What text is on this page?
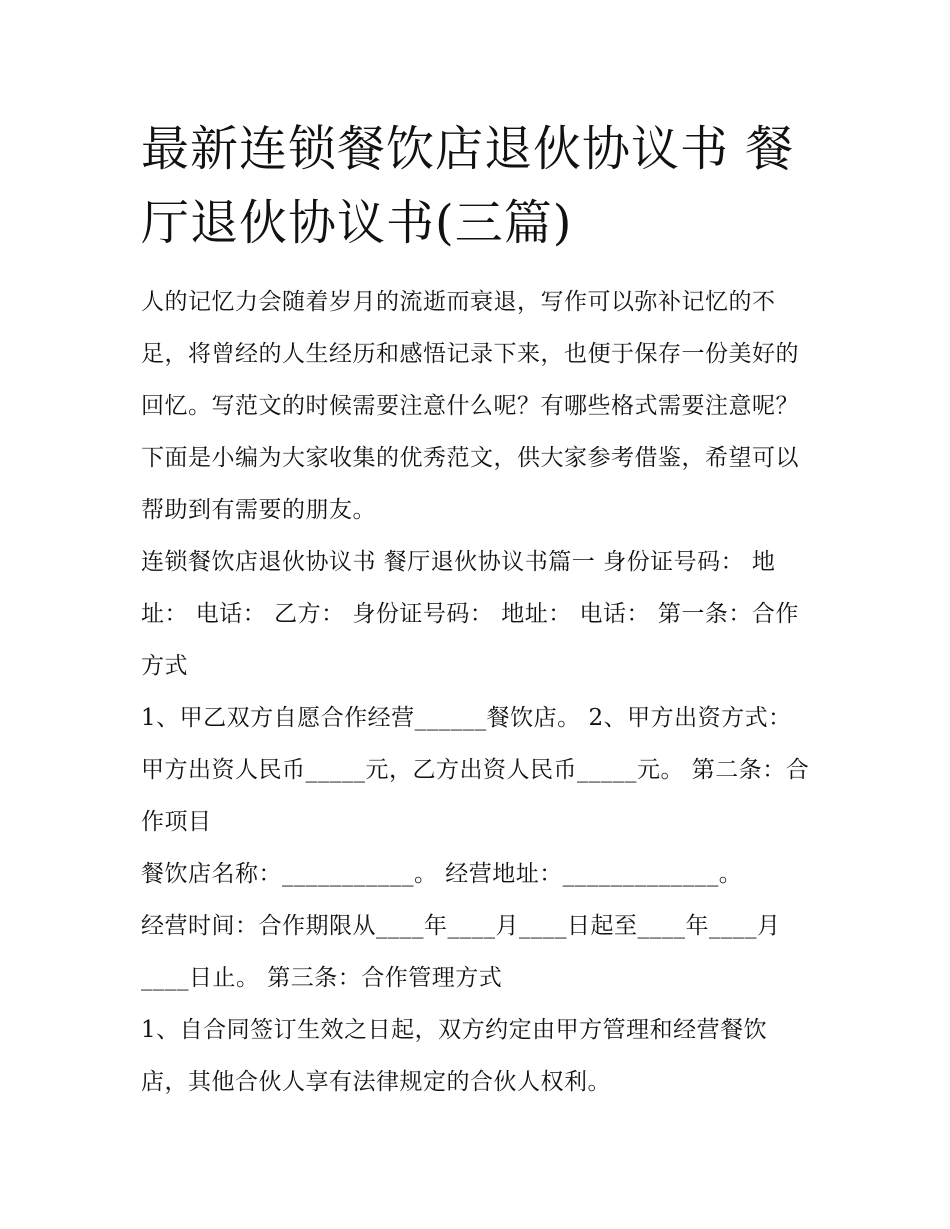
最新连锁餐饮店退伙协议书 餐厅退伙协议书(三篇)

人的记忆力会随着岁月的流逝而衰退，写作可以弥补记忆的不足，将曾经的人生经历和感悟记录下来，也便于保存一份美好的回忆。写范文的时候需要注意什么呢？有哪些格式需要注意呢？下面是小编为大家收集的优秀范文，供大家参考借鉴，希望可以帮助到有需要的朋友。

连锁餐饮店退伙协议书 餐厅退伙协议书篇一 身份证号码： 地址： 电话： 乙方： 身份证号码： 地址： 电话： 第一条：合作方式

1、甲乙双方自愿合作经营______餐饮店。 2、甲方出资方式：甲方出资人民币_____元，乙方出资人民币_____元。 第二条：合作项目

餐饮店名称：___________。 经营地址：_____________。

经营时间：合作期限从____年____月____日起至____年____月____日止。 第三条：合作管理方式

1、自合同签订生效之日起，双方约定由甲方管理和经营餐饮店，其他合伙人享有法律规定的合伙人权利。
